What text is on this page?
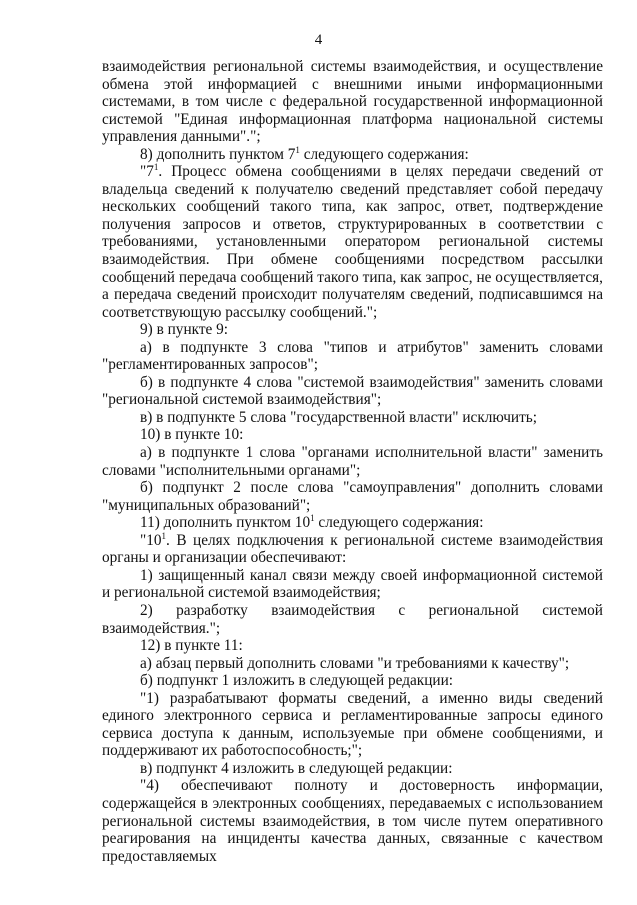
4

взаимодействия региональной системы взаимодействия, и осуществление обмена этой информацией с внешними иными информационными системами, в том числе с федеральной государственной информационной системой "Единая информационная платформа национальной системы управления данными".";

8) дополнить пунктом $7^1$ следующего содержания:

"$7^1$. Процесс обмена сообщениями в целях передачи сведений от владельца сведений к получателю сведений представляет собой передачу нескольких сообщений такого типа, как запрос, ответ, подтверждение получения запросов и ответов, структурированных в соответствии с требованиями, установленными оператором региональной системы взаимодействия. При обмене сообщениями посредством рассылки сообщений передача сообщений такого типа, как запрос, не осуществляется, а передача сведений происходит получателям сведений, подписавшимся на соответствующую рассылку сообщений.";

9) в пункте 9:

а) в подпункте 3 слова "типов и атрибутов" заменить словами "регламентированных запросов";

б) в подпункте 4 слова "системой взаимодействия" заменить словами "региональной системой взаимодействия";

в) в подпункте 5 слова "государственной власти" исключить;

10) в пункте 10:

а) в подпункте 1 слова "органами исполнительной власти" заменить словами "исполнительными органами";

б) подпункт 2 после слова "самоуправления" дополнить словами "муниципальных образований";

11) дополнить пунктом $10^1$ следующего содержания:

"$10^1$. В целях подключения к региональной системе взаимодействия органы и организации обеспечивают:

1) защищенный канал связи между своей информационной системой и региональной системой взаимодействия;

2) разработку взаимодействия с региональной системой взаимодействия.";

12) в пункте 11:

а) абзац первый дополнить словами "и требованиями к качеству";

б) подпункт 1 изложить в следующей редакции:

"1) разрабатывают форматы сведений, а именно виды сведений единого электронного сервиса и регламентированные запросы единого сервиса доступа к данным, используемые при обмене сообщениями, и поддерживают их работоспособность;";

в) подпункт 4 изложить в следующей редакции:

"4) обеспечивают полноту и достоверность информации, содержащейся в электронных сообщениях, передаваемых с использованием региональной системы взаимодействия, в том числе путем оперативного реагирования на инциденты качества данных, связанные с качеством предоставляемых
